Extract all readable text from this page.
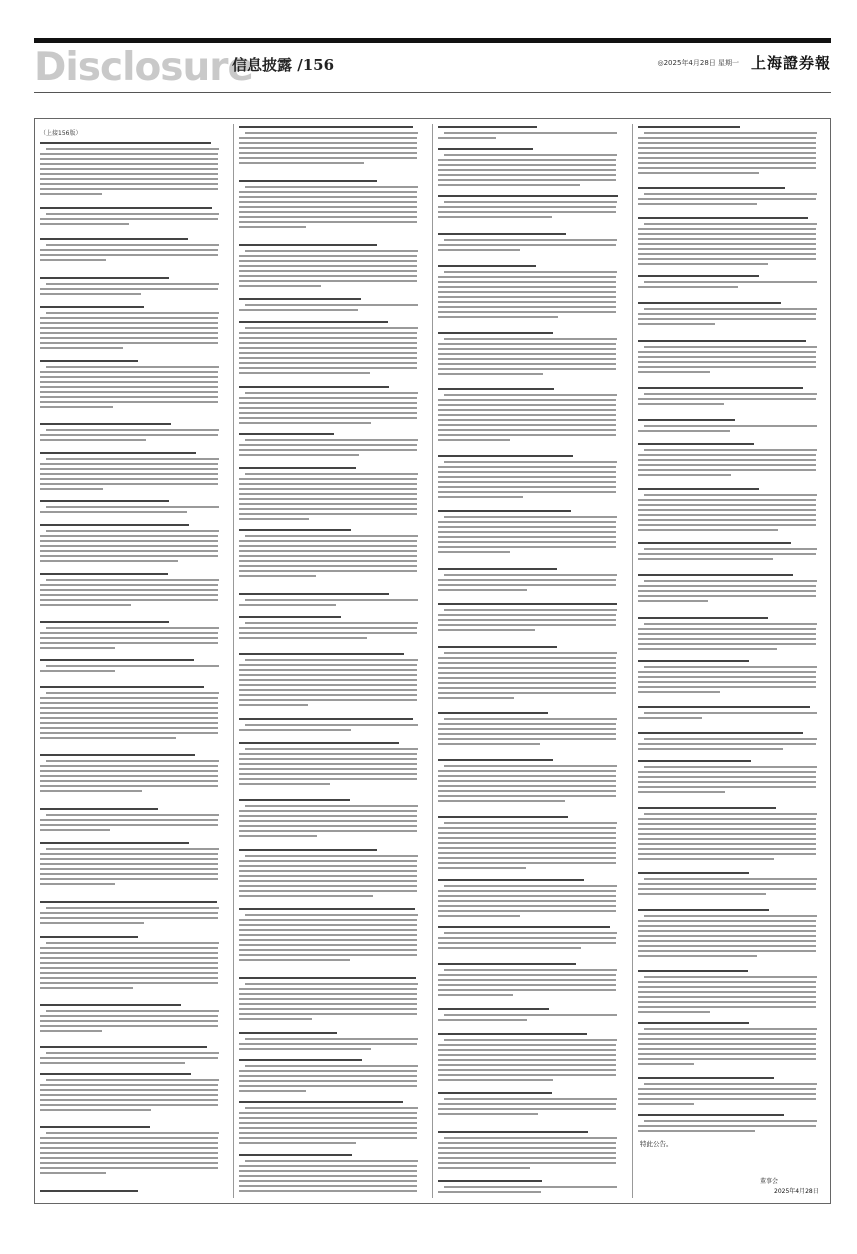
Disclosure
信息披露 /156	◎2025年4月28日 星期一 上海證券報
（上接156版）
特此公告。
董事会
2025年4月28日
